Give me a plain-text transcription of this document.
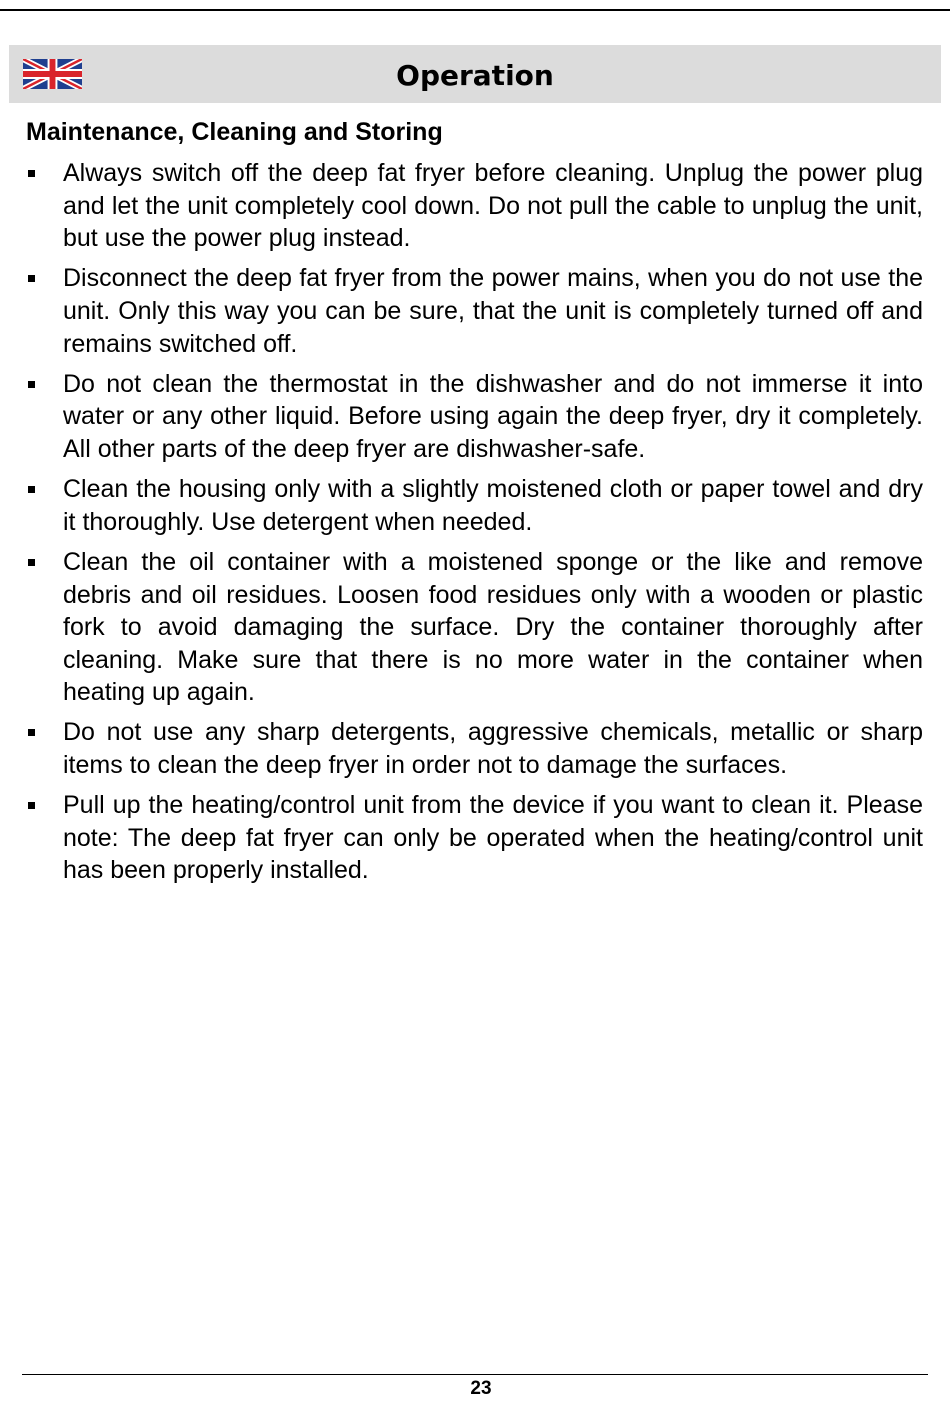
Operation
Maintenance, Cleaning and Storing
Always switch off the deep fat fryer before cleaning. Unplug the power plug and let the unit completely cool down. Do not pull the cable to unplug the unit, but use the power plug instead.
Disconnect the deep fat fryer from the power mains, when you do not use the unit. Only this way you can be sure, that the unit is completely turned off and remains switched off.
Do not clean the thermostat in the dishwasher and do not immerse it into water or any other liquid. Before using again the deep fryer, dry it completely. All other parts of the deep fryer are dishwasher-safe.
Clean the housing only with a slightly moistened cloth or paper towel and dry it thoroughly. Use detergent when needed.
Clean the oil container with a moistened sponge or the like and remove debris and oil residues. Loosen food residues only with a wooden or plastic fork to avoid damaging the surface. Dry the container thoroughly after cleaning. Make sure that there is no more water in the container when heating up again.
Do not use any sharp detergents, aggressive chemicals, metallic or sharp items to clean the deep fryer in order not to damage the surfaces.
Pull up the heating/control unit from the device if you want to clean it. Please note: The deep fat fryer can only be operated when the heating/control unit has been properly installed.
23
